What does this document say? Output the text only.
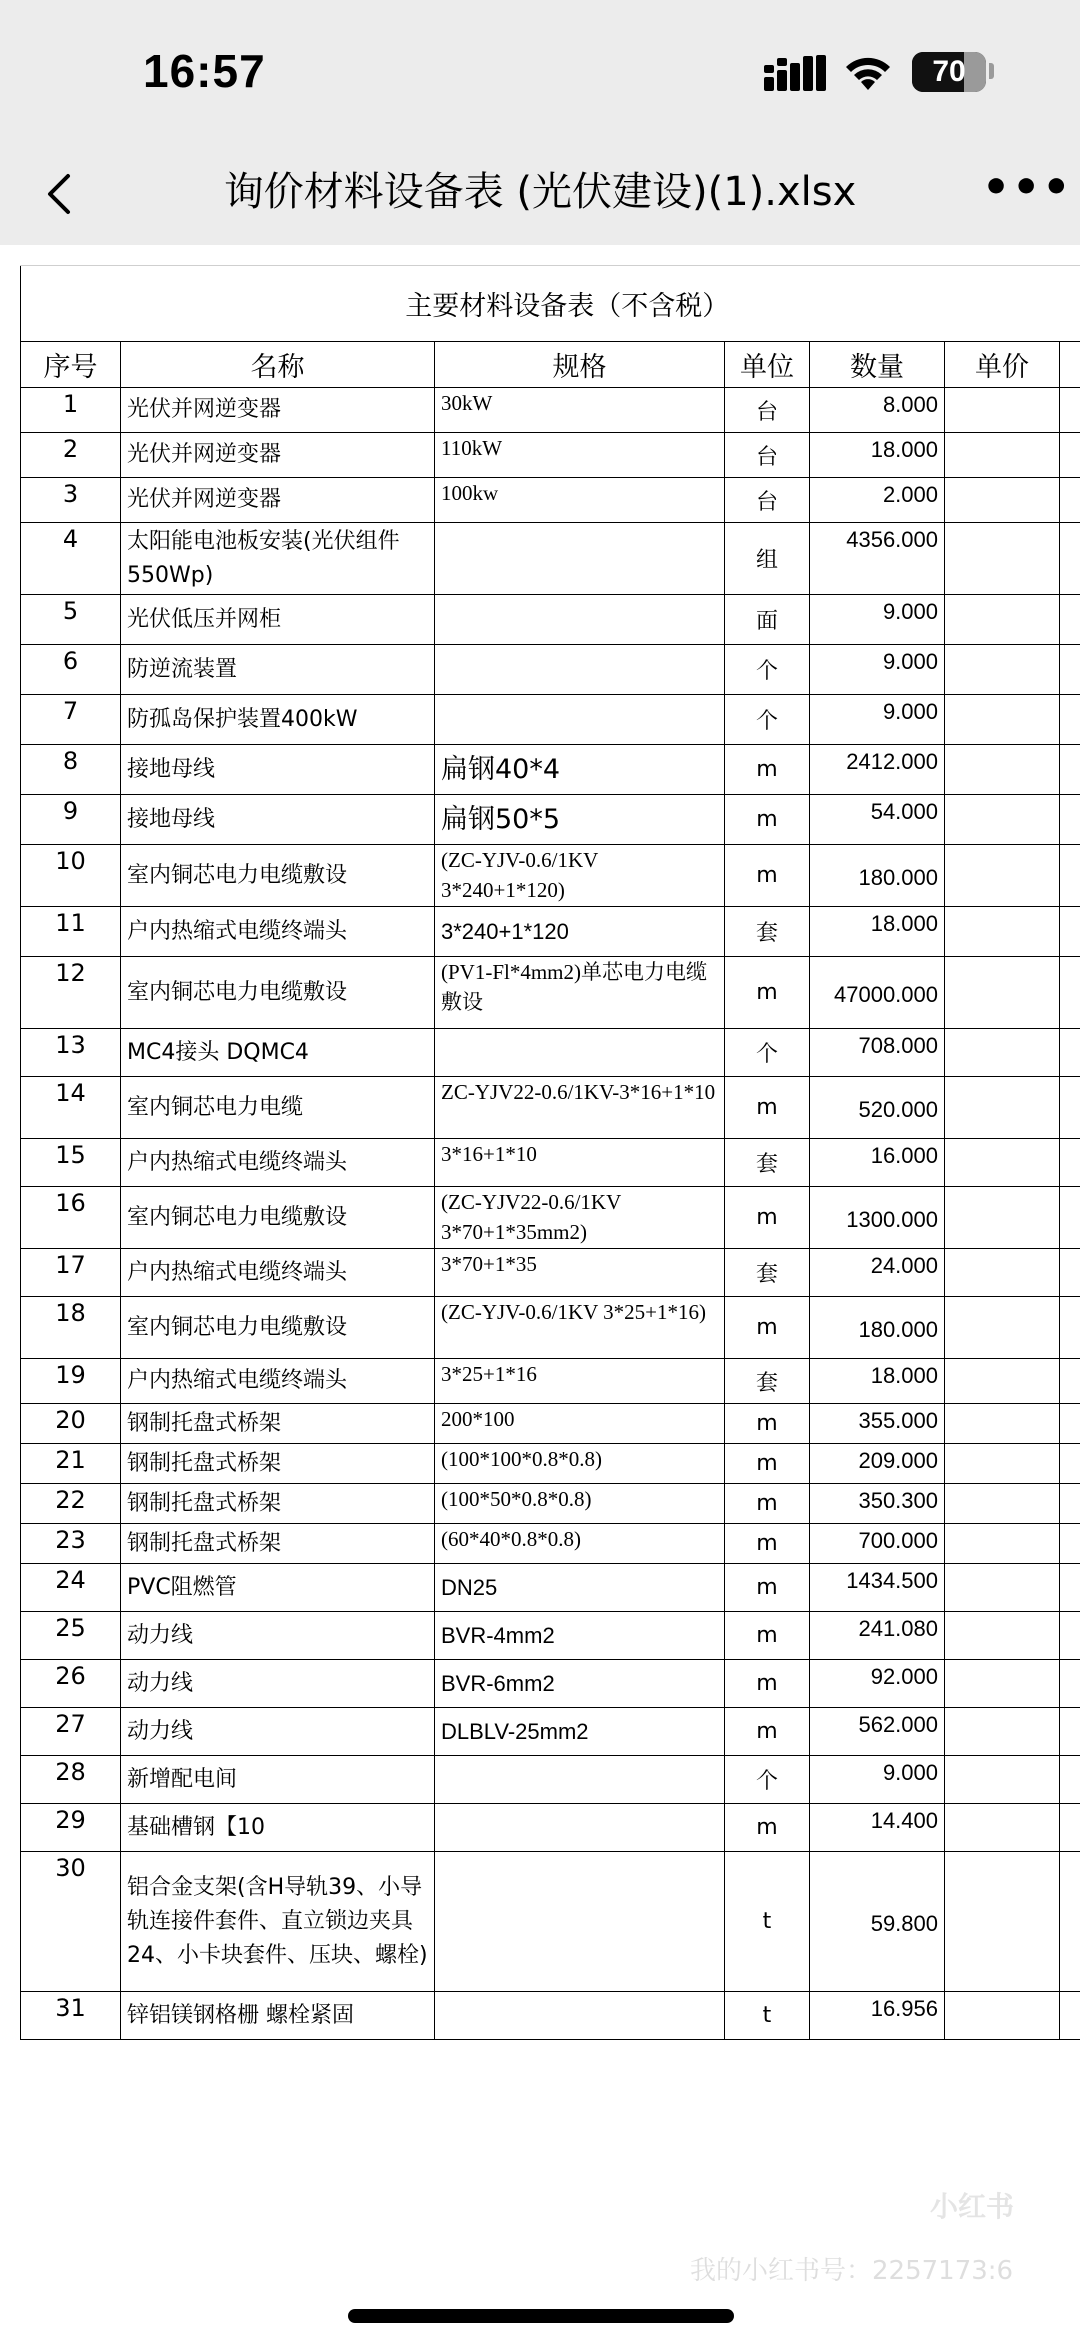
16:57	70
询价材料设备表 (光伏建设)(1).xlsx	•••
主要材料设备表（不含税）						
序号	名称	规格	单位	数量	单价	
1	光伏并网逆变器	30kW	台	8.000		
2	光伏并网逆变器	110kW	台	18.000		
3	光伏并网逆变器	100kw	台	2.000		
4	太阳能电池板安装(光伏组件550Wp)		组	4356.000		
5	光伏低压并网柜		面	9.000		
6	防逆流装置		个	9.000		
7	防孤岛保护装置400kW		个	9.000		
8	接地母线	扁钢40*4	m	2412.000		
9	接地母线	扁钢50*5	m	54.000		
10	室内铜芯电力电缆敷设	(ZC-YJV-0.6/1KV 3*240+1*120)	m	180.000		
11	户内热缩式电缆终端头	3*240+1*120	套	18.000		
12	室内铜芯电力电缆敷设	(PV1-Fl*4mm2)单芯电力电缆敷设	m	47000.000		
13	MC4接头 DQMC4		个	708.000		
14	室内铜芯电力电缆	ZC-YJV22-0.6/1KV-3*16+1*10	m	520.000		
15	户内热缩式电缆终端头	3*16+1*10	套	16.000		
16	室内铜芯电力电缆敷设	(ZC-YJV22-0.6/1KV 3*70+1*35mm2)	m	1300.000		
17	户内热缩式电缆终端头	3*70+1*35	套	24.000		
18	室内铜芯电力电缆敷设	(ZC-YJV-0.6/1KV 3*25+1*16)	m	180.000		
19	户内热缩式电缆终端头	3*25+1*16	套	18.000		
20	钢制托盘式桥架	200*100	m	355.000		
21	钢制托盘式桥架	(100*100*0.8*0.8)	m	209.000		
22	钢制托盘式桥架	(100*50*0.8*0.8)	m	350.300		
23	钢制托盘式桥架	(60*40*0.8*0.8)	m	700.000		
24	PVC阻燃管	DN25	m	1434.500		
25	动力线	BVR-4mm2	m	241.080		
26	动力线	BVR-6mm2	m	92.000		
27	动力线	DLBLV-25mm2	m	562.000		
28	新增配电间		个	9.000		
29	基础槽钢【10		m	14.400		
30	铝合金支架(含H导轨39、小导轨连接件套件、直立锁边夹具24、小卡块套件、压块、螺栓)		t	59.800		
31	锌铝镁钢格栅 螺栓紧固		t	16.956		
小红书
我的小红书号：2257173:6
